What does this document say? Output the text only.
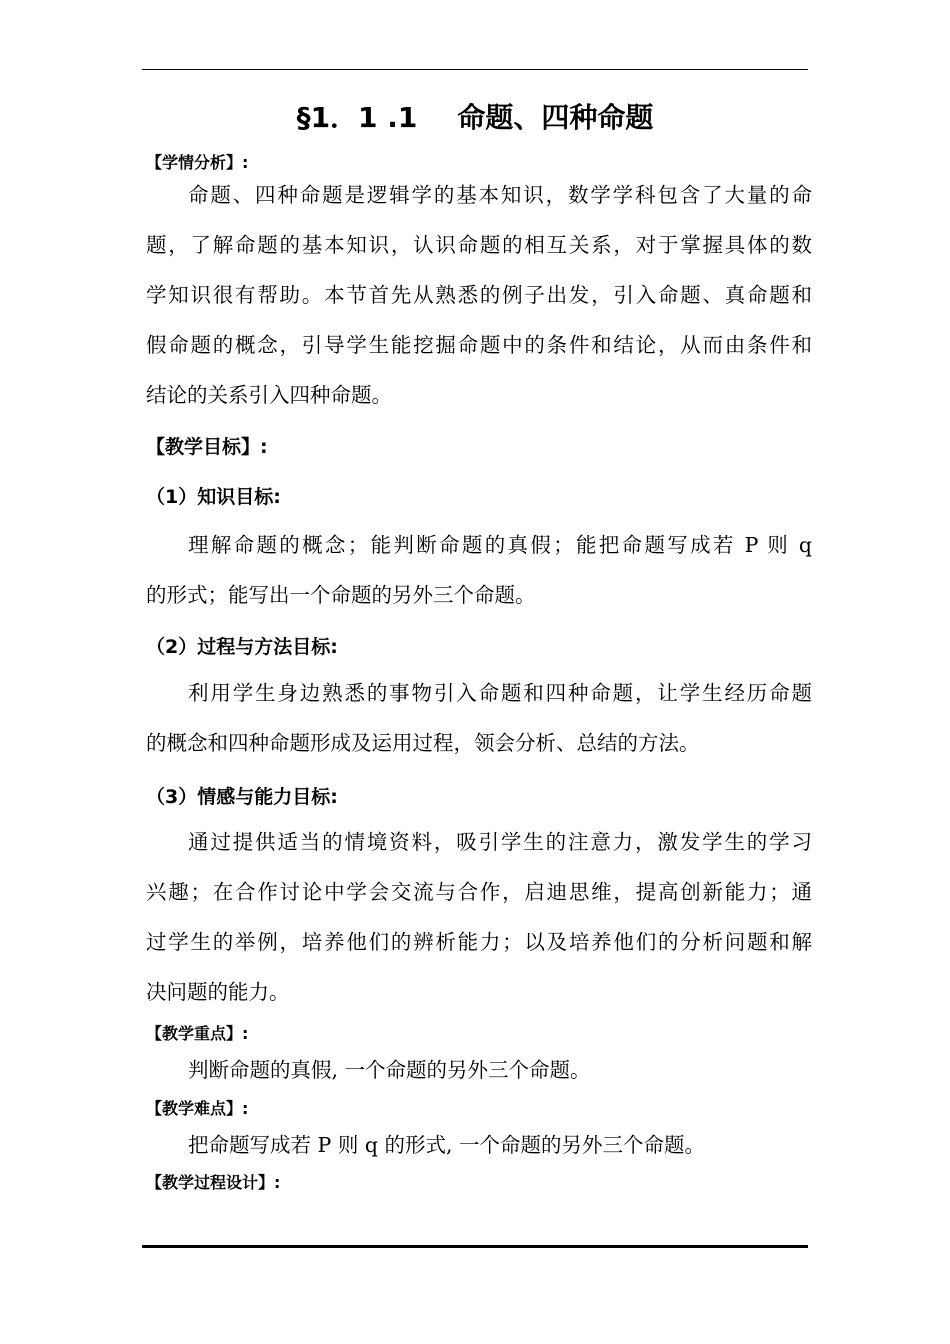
§1．1 .1 命题、四种命题
【学情分析】:
命题、四种命题是逻辑学的基本知识，数学学科包含了大量的命
题，了解命题的基本知识，认识命题的相互关系，对于掌握具体的数
学知识很有帮助。本节首先从熟悉的例子出发，引入命题、真命题和
假命题的概念，引导学生能挖掘命题中的条件和结论，从而由条件和
结论的关系引入四种命题。
【教学目标】:
（1）知识目标:
理解命题的概念；能判断命题的真假；能把命题写成若 P 则 q
的形式；能写出一个命题的另外三个命题。
（2）过程与方法目标:
利用学生身边熟悉的事物引入命题和四种命题，让学生经历命题
的概念和四种命题形成及运用过程，领会分析、总结的方法。
（3）情感与能力目标:
通过提供适当的情境资料，吸引学生的注意力，激发学生的学习
兴趣；在合作讨论中学会交流与合作，启迪思维，提高创新能力；通
过学生的举例，培养他们的辨析能力；以及培养他们的分析问题和解
决问题的能力。
【教学重点】:
判断命题的真假, 一个命题的另外三个命题。
【教学难点】:
把命题写成若 P 则 q 的形式, 一个命题的另外三个命题。
【教学过程设计】:
